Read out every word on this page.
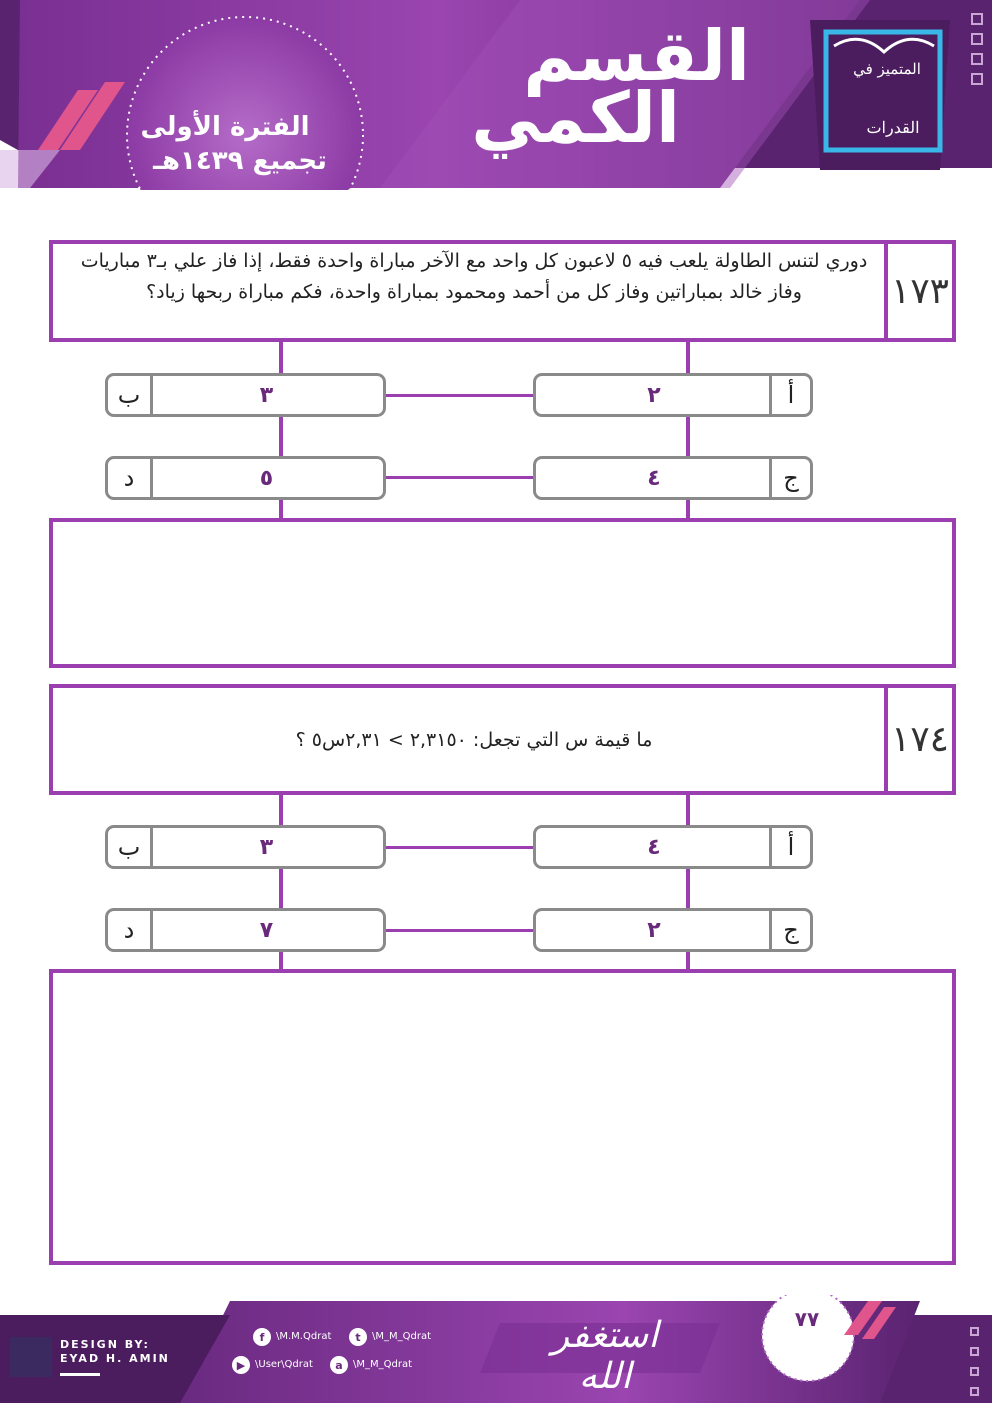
القسم
الكمي
الفترة الأولى
تجميع ١٤٣٩هـ
المتميز في
القدرات
١٧٣
دوري لتنس الطاولة يلعب فيه ٥ لاعبون كل واحد مع الآخر مباراة واحدة فقط، إذا فاز علي بـ٣ مباريات وفاز خالد بمباراتين وفاز كل من أحمد ومحمود بمباراة واحدة، فكم مباراة ربحها زياد؟
٢	أ
ب	٣
٤	ج
د	٥
١٧٤
ما قيمة س التي تجعل: ٢,٣١٥٠ > ٢,٣١س٥ ؟
٤	أ
ب	٣
٢	ج
د	٧
DESIGN BY:
EYAD H. AMIN
f	\M.M.Qdrat	t	\M_M_Qdrat
▶ \User\Qdrat	a	\M_M_Qdrat
استغفر الله
٧٧
